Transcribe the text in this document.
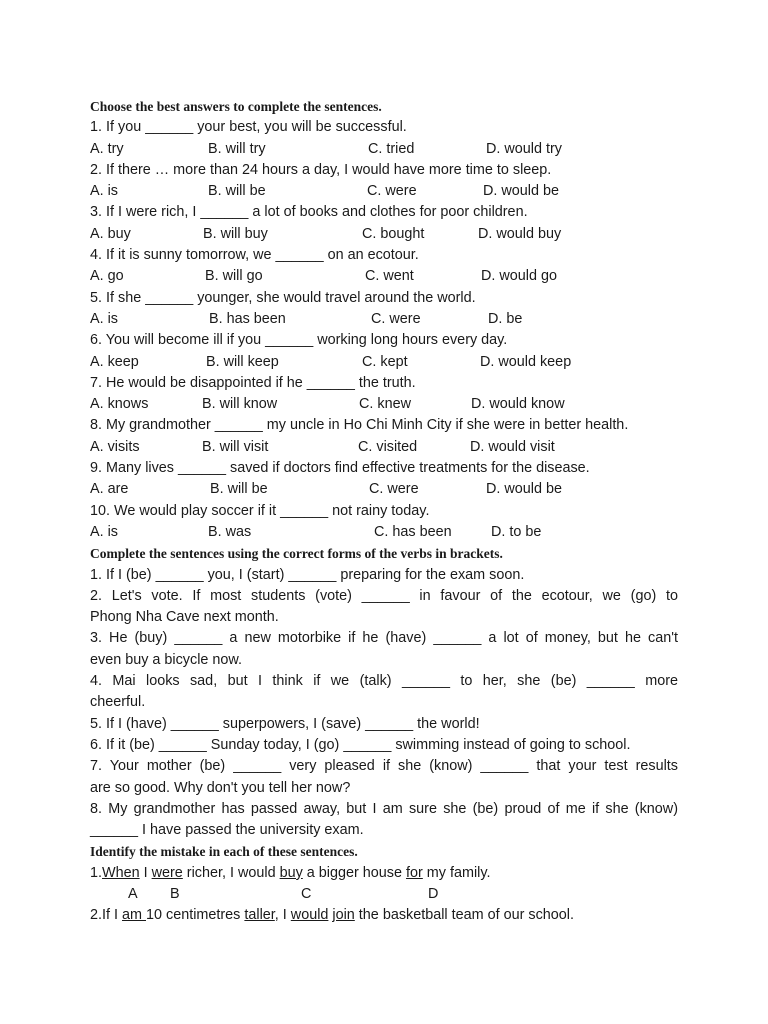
Choose the best answers to complete the sentences.
1. If you ______ your best, you will be successful.
A. try	B. will try	C. tried	D. would try
2. If there … more than 24 hours a day, I would have more time to sleep.
A. is	B. will be	C. were	D. would be
3. If I were rich, I ______ a lot of books and clothes for poor children.
A. buy	B. will buy	C. bought	D. would buy
4. If it is sunny tomorrow, we ______ on an ecotour.
A. go	B. will go	C. went	D. would go
5. If she ______ younger, she would travel around the world.
A. is	B. has been	C. were	D. be
6. You will become ill if you ______ working long hours every day.
A. keep	B. will keep	C. kept	D. would keep
7. He would be disappointed if he ______ the truth.
A. knows	B. will know	C. knew	D. would know
8. My grandmother ______ my uncle in Ho Chi Minh City if she were in better health.
A. visits	B. will visit	C. visited	D. would visit
9. Many lives ______ saved if doctors find effective treatments for the disease.
A. are	B. will be	C. were	D. would be
10. We would play soccer if it ______ not rainy today.
A. is	B. was	C. has been	D. to be
Complete the sentences using the correct forms of the verbs in brackets.
1. If I (be) ______ you, I (start) ______ preparing for the exam soon.
2. Let's vote. If most students (vote) ______ in favour of the ecotour, we (go) to
Phong Nha Cave next month.
3. He (buy) ______ a new motorbike if he (have) ______ a lot of money, but he can't
even buy a bicycle now.
4. Mai looks sad, but I think if we (talk) ______ to her, she (be) ______ more
cheerful.
5. If I (have) ______ superpowers, I (save) ______ the world!
6. If it (be) ______ Sunday today, I (go) ______ swimming instead of going to school.
7. Your mother (be) ______ very pleased if she (know) ______ that your test results
are so good. Why don't you tell her now?
8. My grandmother has passed away, but I am sure she (be) proud of me if she (know)
______ I have passed the university exam.
Identify the mistake in each of these sentences.
1.When I were richer, I would buy a bigger house for my family.
A B	C	D
2.If I am 10 centimetres taller, I would join the basketball team of our school.
